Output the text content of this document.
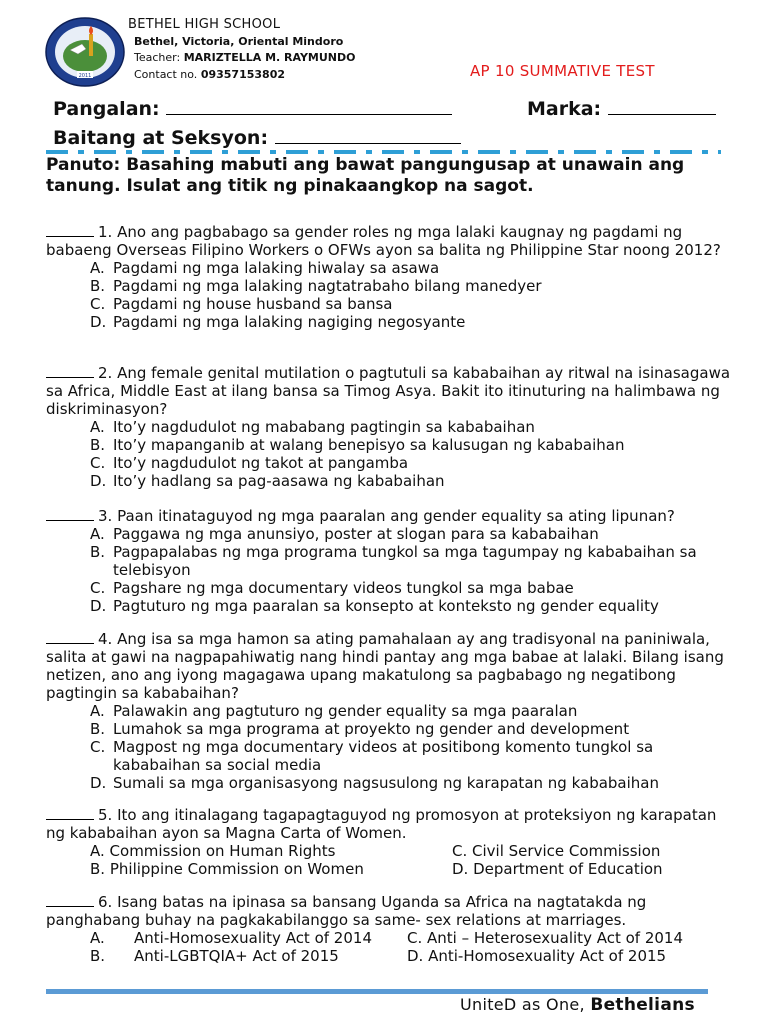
2011
BETHEL HIGH SCHOOL
Bethel, Victoria, Oriental Mindoro
Teacher: MARIZTELLA M. RAYMUNDO
Contact no. 09357153802	AP 10 SUMMATIVE TEST
Pangalan:	Marka:
Baitang at Seksyon:
Panuto: Basahing mabuti ang bawat pangungusap at unawain ang tanung. Isulat ang titik ng pinakaangkop na sagot.
1. Ano ang pagbabago sa gender roles ng mga lalaki kaugnay ng pagdami ng babaeng Overseas Filipino Workers o OFWs ayon sa balita ng Philippine Star noong 2012?
A. Pagdami ng mga lalaking hiwalay sa asawa
B. Pagdami ng mga lalaking nagtatrabaho bilang manedyer
C. Pagdami ng house husband sa bansa
D. Pagdami ng mga lalaking nagiging negosyante
2. Ang female genital mutilation o pagtutuli sa kababaihan ay ritwal na isinasagawa sa Africa, Middle East at ilang bansa sa Timog Asya. Bakit ito itinuturing na halimbawa ng diskriminasyon?
A. Ito’y nagdudulot ng mababang pagtingin sa kababaihan
B. Ito’y mapanganib at walang benepisyo sa kalusugan ng kababaihan
C. Ito’y nagdudulot ng takot at pangamba
D. Ito’y hadlang sa pag-aasawa ng kababaihan
3. Paan itinataguyod ng mga paaralan ang gender equality sa ating lipunan?
A. Paggawa ng mga anunsiyo, poster at slogan para sa kababaihan
B. Pagpapalabas ng mga programa tungkol sa mga tagumpay ng kababaihan sa telebisyon
C. Pagshare ng mga documentary videos tungkol sa mga babae
D. Pagtuturo ng mga paaralan sa konsepto at konteksto ng gender equality
4. Ang isa sa mga hamon sa ating pamahalaan ay ang tradisyonal na paniniwala, salita at gawi na nagpapahiwatig nang hindi pantay ang mga babae at lalaki. Bilang isang netizen, ano ang iyong magagawa upang makatulong sa pagbabago ng negatibong pagtingin sa kababaihan?
A. Palawakin ang pagtuturo ng gender equality sa mga paaralan
B. Lumahok sa mga programa at proyekto ng gender and development
C. Magpost ng mga documentary videos at positibong komento tungkol sa kababaihan sa social media
D. Sumali sa mga organisasyong nagsusulong ng karapatan ng kababaihan
5. Ito ang itinalagang tagapagtaguyod ng promosyon at proteksiyon ng karapatan ng kababaihan ayon sa Magna Carta of Women.
A. Commission on Human Rights	C. Civil Service Commission
B. Philippine Commission on Women	D. Department of Education
6. Isang batas na ipinasa sa bansang Uganda sa Africa na nagtatakda ng panghabang buhay na pagkakabilanggo sa same- sex relations at marriages.
A.	Anti-Homosexuality Act of 2014	C. Anti – Heterosexuality Act of 2014
B.	Anti-LGBTQIA+ Act of 2015	D. Anti-Homosexuality Act of 2015
UniteD as One, Bethelians
